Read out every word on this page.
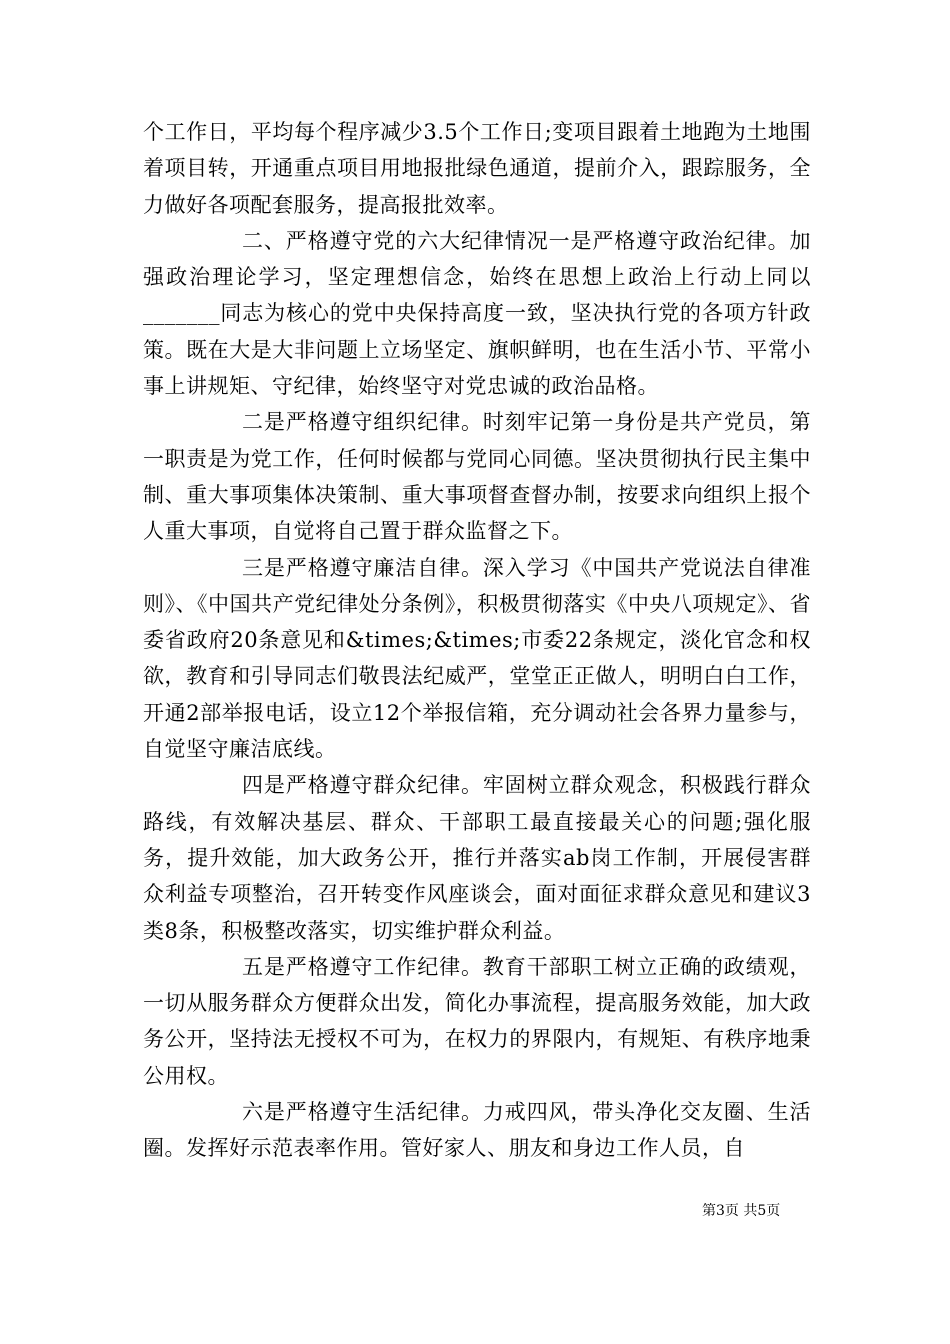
个工作日，平均每个程序减少3.5个工作日;变项目跟着土地跑为土地围着项目转，开通重点项目用地报批绿色通道，提前介入，跟踪服务，全力做好各项配套服务，提高报批效率。

二、严格遵守党的六大纪律情况一是严格遵守政治纪律。加强政治理论学习，坚定理想信念，始终在思想上政治上行动上同以_______同志为核心的党中央保持高度一致，坚决执行党的各项方针政策。既在大是大非问题上立场坚定、旗帜鲜明，也在生活小节、平常小事上讲规矩、守纪律，始终坚守对党忠诚的政治品格。

二是严格遵守组织纪律。时刻牢记第一身份是共产党员，第一职责是为党工作，任何时候都与党同心同德。坚决贯彻执行民主集中制、重大事项集体决策制、重大事项督查督办制，按要求向组织上报个人重大事项，自觉将自己置于群众监督之下。

三是严格遵守廉洁自律。深入学习《中国共产党说法自律准则》、《中国共产党纪律处分条例》，积极贯彻落实《中央八项规定》、省委省政府20条意见和&times;&times;市委22条规定，淡化官念和权欲，教育和引导同志们敬畏法纪威严，堂堂正正做人，明明白白工作，开通2部举报电话，设立12个举报信箱，充分调动社会各界力量参与，自觉坚守廉洁底线。

四是严格遵守群众纪律。牢固树立群众观念，积极践行群众路线，有效解决基层、群众、干部职工最直接最关心的问题;强化服务，提升效能，加大政务公开，推行并落实ab岗工作制，开展侵害群众利益专项整治，召开转变作风座谈会，面对面征求群众意见和建议3类8条，积极整改落实，切实维护群众利益。

五是严格遵守工作纪律。教育干部职工树立正确的政绩观，一切从服务群众方便群众出发，简化办事流程，提高服务效能，加大政务公开，坚持法无授权不可为，在权力的界限内，有规矩、有秩序地秉公用权。

六是严格遵守生活纪律。力戒四风，带头净化交友圈、生活圈。发挥好示范表率作用。管好家人、朋友和身边工作人员，自

第3页 共5页
